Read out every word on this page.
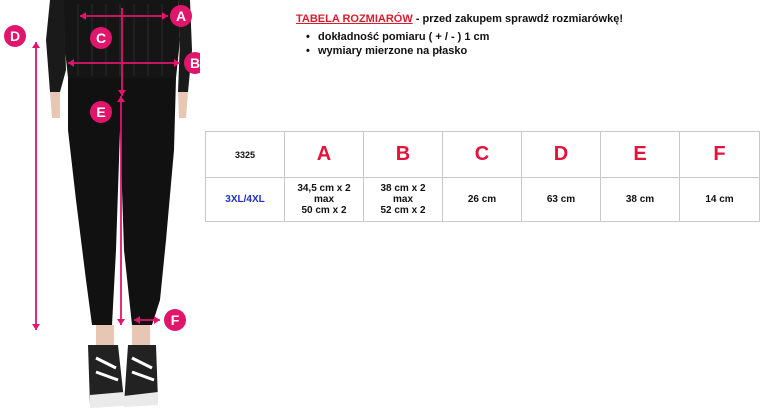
A
B
C
D
E
F
TABELA ROZMIARÓW - przed zakupem sprawdź rozmiarówkę!
• dokładność pomiaru ( + / - ) 1 cm
• wymiary mierzone na płasko
3325	A	B	C	D	E	F
3XL/4XL	34,5 cm x 2
max
50 cm x 2	38 cm x 2
max
52 cm x 2	26 cm	63 cm	38 cm	14 cm
